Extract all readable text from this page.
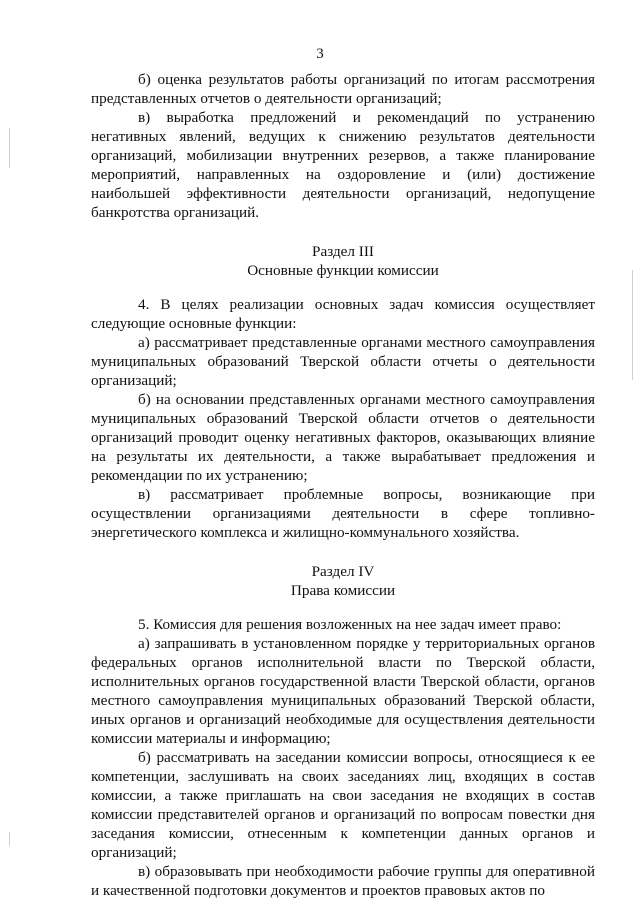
3

б) оценка результатов работы организаций по итогам рассмотрения представленных отчетов о деятельности организаций;

в) выработка предложений и рекомендаций по устранению негативных явлений, ведущих к снижению результатов деятельности организаций, мобилизации внутренних резервов, а также планирование мероприятий, направленных на оздоровление и (или) достижение наибольшей эффективности деятельности организаций, недопущение банкротства организаций.

Раздел III

Основные функции комиссии

4. В целях реализации основных задач комиссия осуществляет следующие основные функции:

а) рассматривает представленные органами местного самоуправления муниципальных образований Тверской области отчеты о деятельности организаций;

б) на основании представленных органами местного самоуправления муниципальных образований Тверской области отчетов о деятельности организаций проводит оценку негативных факторов, оказывающих влияние на результаты их деятельности, а также вырабатывает предложения и рекомендации по их устранению;

в) рассматривает проблемные вопросы, возникающие при осуществлении организациями деятельности в сфере топливно-энергетического комплекса и жилищно-коммунального хозяйства.

Раздел IV

Права комиссии

5. Комиссия для решения возложенных на нее задач имеет право:

а) запрашивать в установленном порядке у территориальных органов федеральных органов исполнительной власти по Тверской области, исполнительных органов государственной власти Тверской области, органов местного самоуправления муниципальных образований Тверской области, иных органов и организаций необходимые для осуществления деятельности комиссии материалы и информацию;

б) рассматривать на заседании комиссии вопросы, относящиеся к ее компетенции, заслушивать на своих заседаниях лиц, входящих в состав комиссии, а также приглашать на свои заседания не входящих в состав комиссии представителей органов и организаций по вопросам повестки дня заседания комиссии, отнесенным к компетенции данных органов и организаций;

в) образовывать при необходимости рабочие группы для оперативной и качественной подготовки документов и проектов правовых актов по
